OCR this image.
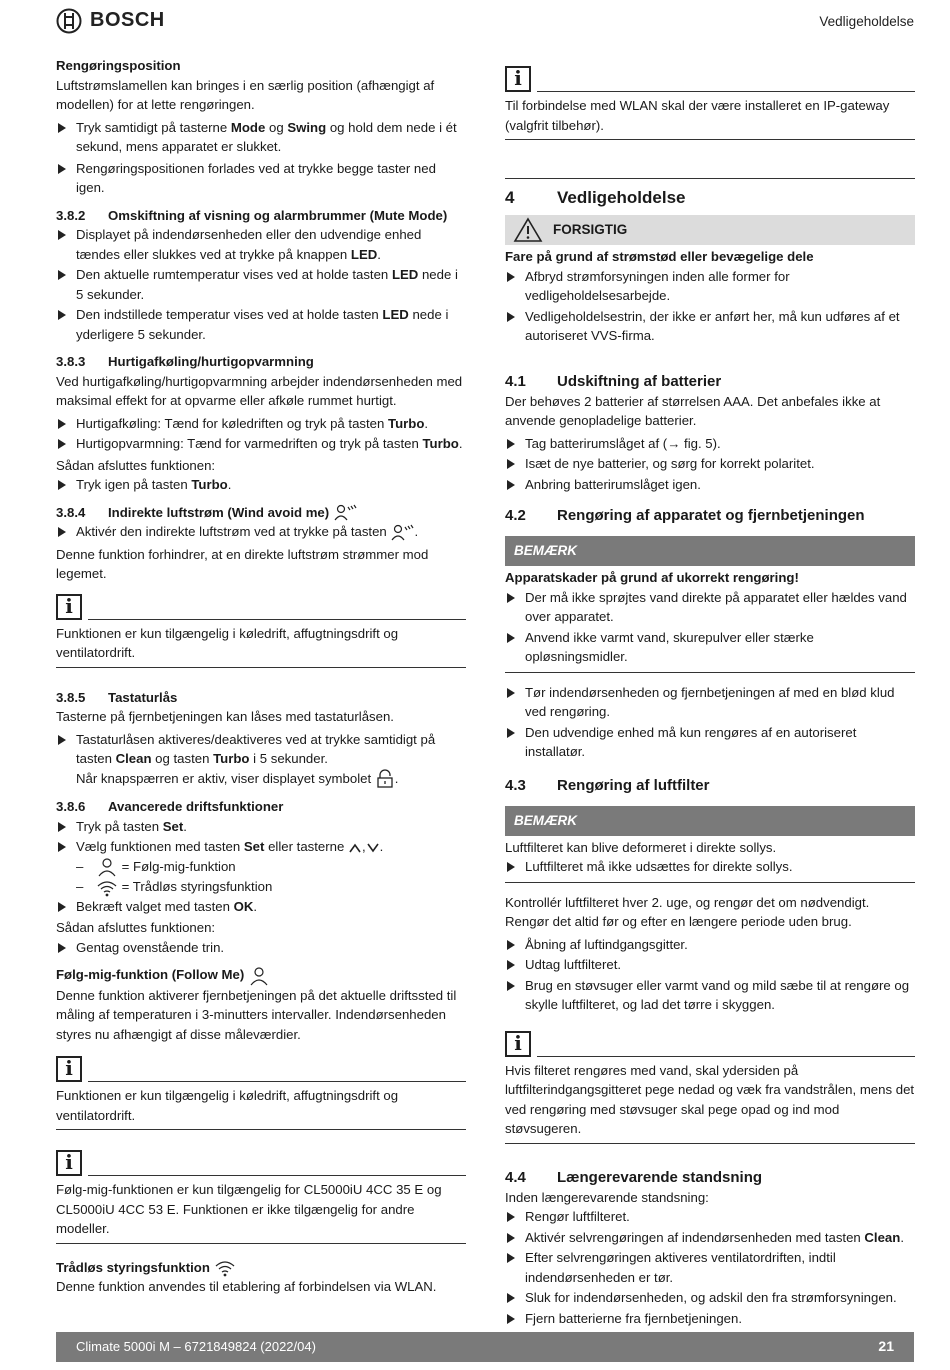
BOSCH	Vedligeholdelse

Rengøringsposition

Luftstrømslamellen kan bringes i en særlig position (afhængigt af modellen) for at lette rengøringen.

Tryk samtidigt på tasterne Mode og Swing og hold dem nede i ét sekund, mens apparatet er slukket.
Rengøringspositionen forlades ved at trykke begge taster ned igen.

3.8.2 Omskiftning af visning og alarmbrummer (Mute Mode)

Displayet på indendørsenheden eller den udvendige enhed tændes eller slukkes ved at trykke på knappen LED.
Den aktuelle rumtemperatur vises ved at holde tasten LED nede i 5 sekunder.
Den indstillede temperatur vises ved at holde tasten LED nede i yderligere 5 sekunder.

3.8.3 Hurtigafkøling/hurtigopvarmning

Ved hurtigafkøling/hurtigopvarmning arbejder indendørsenheden med maksimal effekt for at opvarme eller afkøle rummet hurtigt.

Hurtigafkøling: Tænd for køledriften og tryk på tasten Turbo.
Hurtigopvarmning: Tænd for varmedriften og tryk på tasten Turbo.

Sådan afsluttes funktionen:

Tryk igen på tasten Turbo.

3.8.4 Indirekte luftstrøm (Wind avoid me)

Aktivér den indirekte luftstrøm ved at trykke på tasten .

Denne funktion forhindrer, at en direkte luftstrøm strømmer mod legemet.

i
Funktionen er kun tilgængelig i køledrift, affugtningsdrift og ventilatordrift.

3.8.5 Tastaturlås

Tasterne på fjernbetjeningen kan låses med tastaturlåsen.

Tastaturlåsen aktiveres/deaktiveres ved at trykke samtidigt på tasten Clean og tasten Turbo i 5 sekunder.
Når knapspærren er aktiv, viser displayet symbolet .

3.8.6 Avancerede driftsfunktioner

Tryk på tasten Set.
Vælg funktionen med tasten Set eller tasterne , .
– = Følg-mig-funktion
– = Trådløs styringsfunktion
Bekræft valget med tasten OK.

Sådan afsluttes funktionen:

Gentag ovenstående trin.

Følg-mig-funktion (Follow Me)

Denne funktion aktiverer fjernbetjeningen på det aktuelle driftssted til måling af temperaturen i 3-minutters intervaller. Indendørsenheden styres nu afhængigt af disse måleværdier.

i
Funktionen er kun tilgængelig i køledrift, affugtningsdrift og ventilatordrift.
i
Følg-mig-funktionen er kun tilgængelig for CL5000iU 4CC 35 E og CL5000iU 4CC 53 E. Funktionen er ikke tilgængelig for andre modeller.

Trådløs styringsfunktion

Denne funktion anvendes til etablering af forbindelsen via WLAN.

i
Til forbindelse med WLAN skal der være installeret en IP-gateway (valgfrit tilbehør).

4	Vedligeholdelse

FORSIGTIG

Fare på grund af strømstød eller bevægelige dele

Afbryd strømforsyningen inden alle former for vedligeholdelsesarbejde.
Vedligeholdelsestrin, der ikke er anført her, må kun udføres af et autoriseret VVS-firma.

4.1 Udskiftning af batterier

Der behøves 2 batterier af størrelsen AAA. Det anbefales ikke at anvende genopladelige batterier.

Tag batterirumslåget af (→ fig. 5).
Isæt de nye batterier, og sørg for korrekt polaritet.
Anbring batterirumslåget igen.

4.2 Rengøring af apparatet og fjernbetjeningen

BEMÆRK

Apparatskader på grund af ukorrekt rengøring!

Der må ikke sprøjtes vand direkte på apparatet eller hældes vand over apparatet.
Anvend ikke varmt vand, skurepulver eller stærke opløsningsmidler.
Tør indendørsenheden og fjernbetjeningen af med en blød klud ved rengøring.
Den udvendige enhed må kun rengøres af en autoriseret installatør.

4.3 Rengøring af luftfilter

BEMÆRK

Luftfilteret kan blive deformeret i direkte sollys.

Luftfilteret må ikke udsættes for direkte sollys.

Kontrollér luftfilteret hver 2. uge, og rengør det om nødvendigt. Rengør det altid før og efter en længere periode uden brug.

Åbning af luftindgangsgitter.
Udtag luftfilteret.
Brug en støvsuger eller varmt vand og mild sæbe til at rengøre og skylle luftfilteret, og lad det tørre i skyggen.
i
Hvis filteret rengøres med vand, skal ydersiden på luftfilterindgangsgitteret pege nedad og væk fra vandstrålen, mens det ved rengøring med støvsuger skal pege opad og ind mod støvsugeren.

4.4 Længerevarende standsning

Inden længerevarende standsning:

Rengør luftfilteret.
Aktivér selvrengøringen af indendørsenheden med tasten Clean.
Efter selvrengøringen aktiveres ventilatordriften, indtil indendørsenheden er tør.
Sluk for indendørsenheden, og adskil den fra strømforsyningen.
Fjern batterierne fra fjernbetjeningen.
Climate 5000i M – 6721849824 (2022/04)	21
